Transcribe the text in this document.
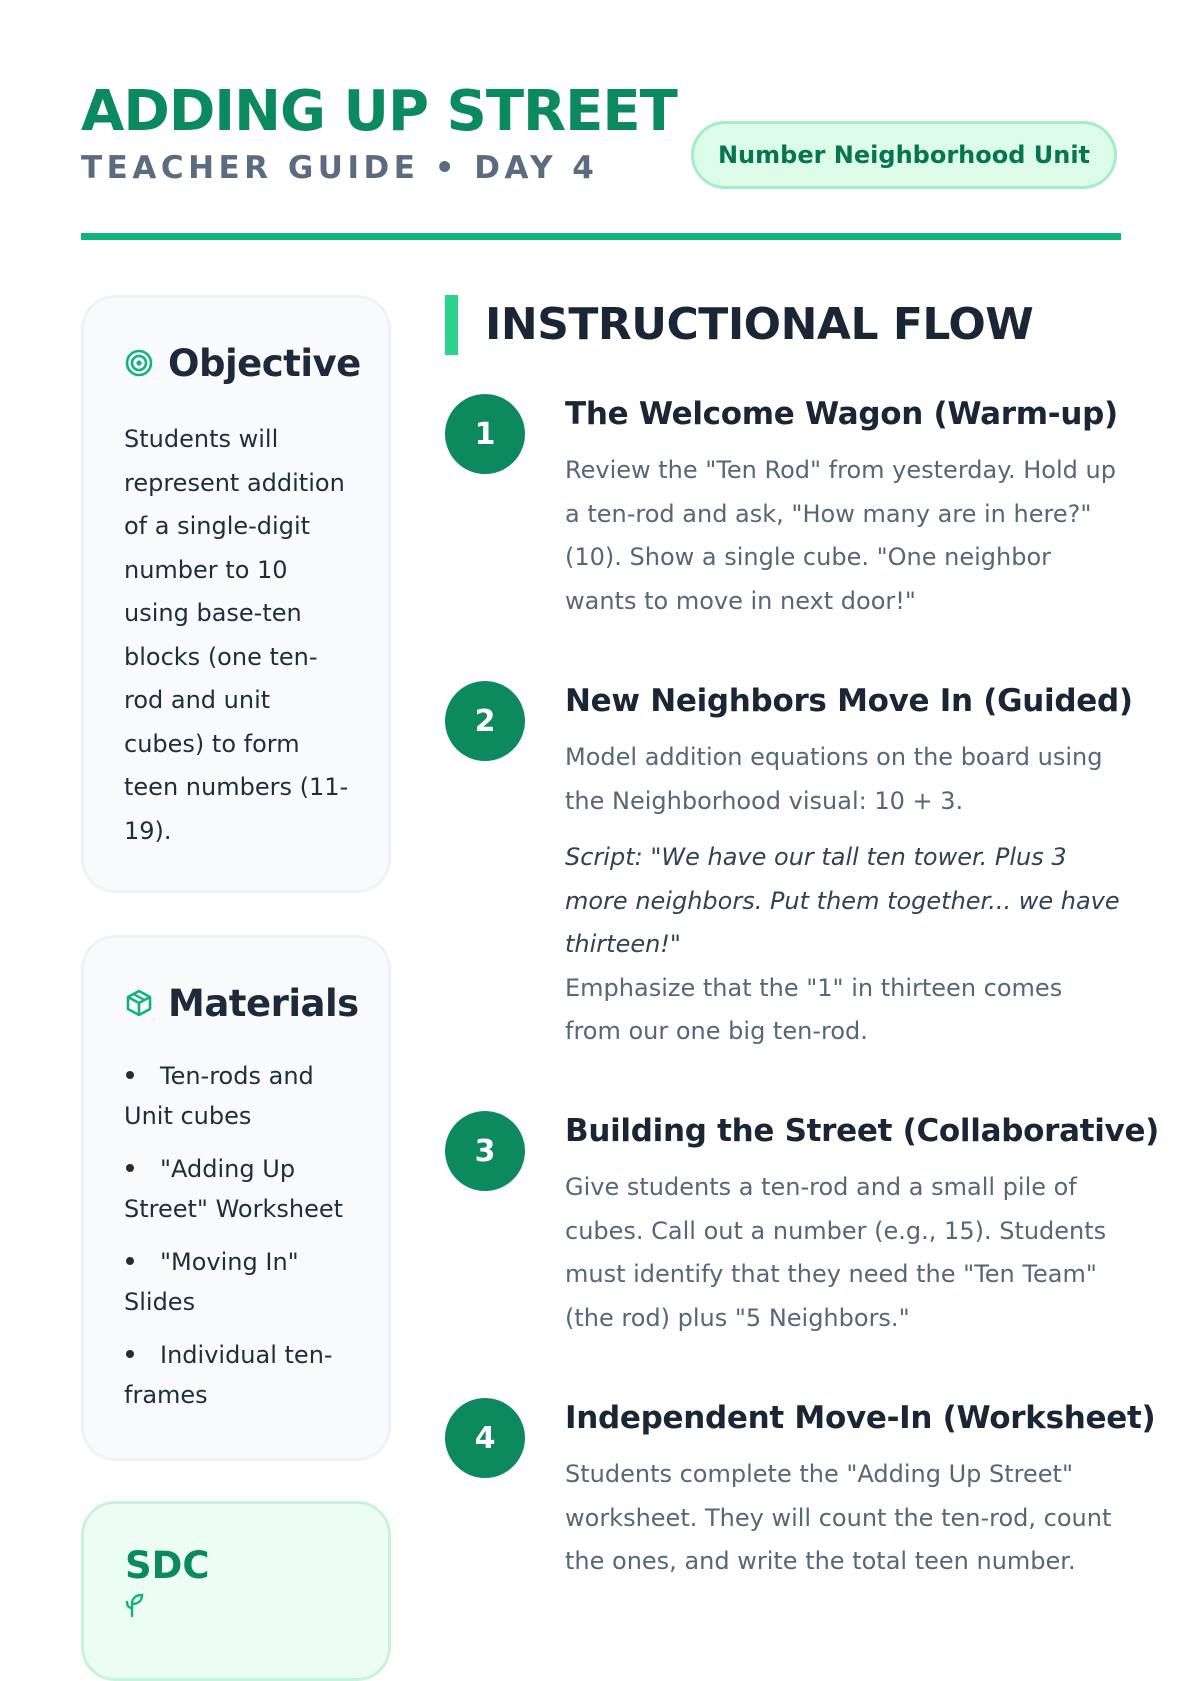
ADDING UP STREET
TEACHER GUIDE • DAY 4	Number Neighborhood Unit
Objective

Students will represent addition of a single-digit number to 10 using base-ten blocks (one ten-rod and unit cubes) to form teen numbers (11-19).

Materials
Ten-rods and Unit cubes
"Adding Up Street" Worksheet
"Moving In" Slides
Individual ten-frames
SDC
INSTRUCTIONAL FLOW
1
The Welcome Wagon (Warm-up)

Review the "Ten Rod" from yesterday. Hold up a ten-rod and ask, "How many are in here?" (10). Show a single cube. "One neighbor wants to move in next door!"

2
New Neighbors Move In (Guided)

Model addition equations on the board using the Neighborhood visual: 10 + 3.

Script: "We have our tall ten tower. Plus 3 more neighbors. Put them together... we have thirteen!"

Emphasize that the "1" in thirteen comes from our one big ten-rod.

3
Building the Street (Collaborative)

Give students a ten-rod and a small pile of cubes. Call out a number (e.g., 15). Students must identify that they need the "Ten Team" (the rod) plus "5 Neighbors."

4
Independent Move-In (Worksheet)

Students complete the "Adding Up Street" worksheet. They will count the ten-rod, count the ones, and write the total teen number.
